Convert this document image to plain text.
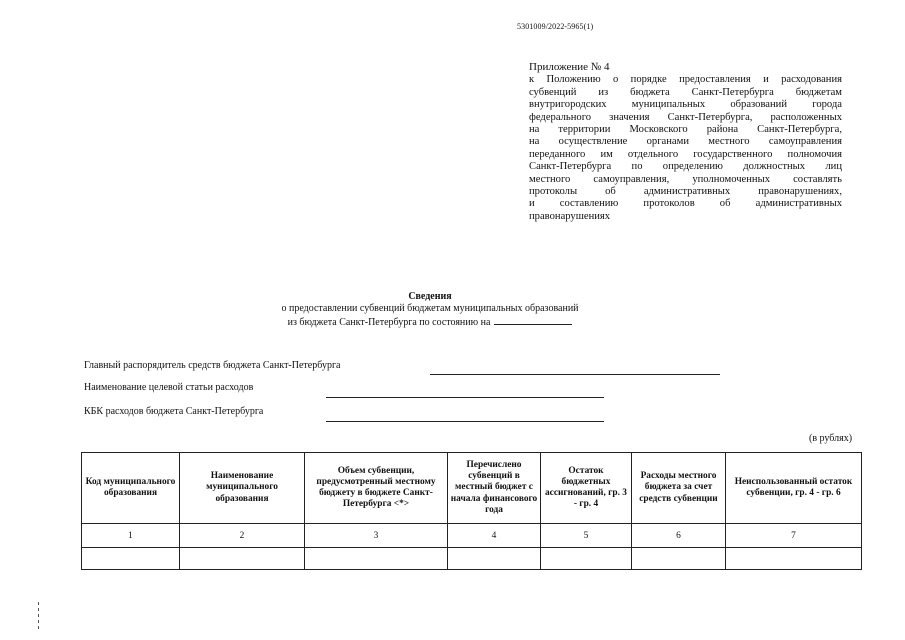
5301009/2022-5965(1)
Приложение № 4
к Положению о порядке предоставления и расходования
субвенций из бюджета Санкт-Петербурга бюджетам
внутригородских муниципальных образований города
федерального значения Санкт-Петербурга, расположенных
на территории Московского района Санкт-Петербурга,
на осуществление органами местного самоуправления
переданного им отдельного государственного полномочия
Санкт-Петербурга по определению должностных лиц
местного самоуправления, уполномоченных составлять
протоколы об административных правонарушениях,
и составлению протоколов об административных
правонарушениях
Сведения
о предоставлении субвенций бюджетам муниципальных образований
из бюджета Санкт-Петербурга по состоянию на
Главный распорядитель средств бюджета Санкт-Петербурга
Наименование целевой статьи расходов
КБК расходов бюджета Санкт-Петербурга
(в рублях)
Код муниципального образования	Наименование муниципального образования	Объем субвенции, предусмотренный местному бюджету в бюджете Санкт-Петербурга <*>	Перечислено субвенций в местный бюджет с начала финансового года	Остаток бюджетных ассигнований, гр. 3 - гр. 4	Расходы местного бюджета за счет средств субвенции	Неиспользованный остаток субвенции, гр. 4 - гр. 6
1	2	3	4	5	6	7
